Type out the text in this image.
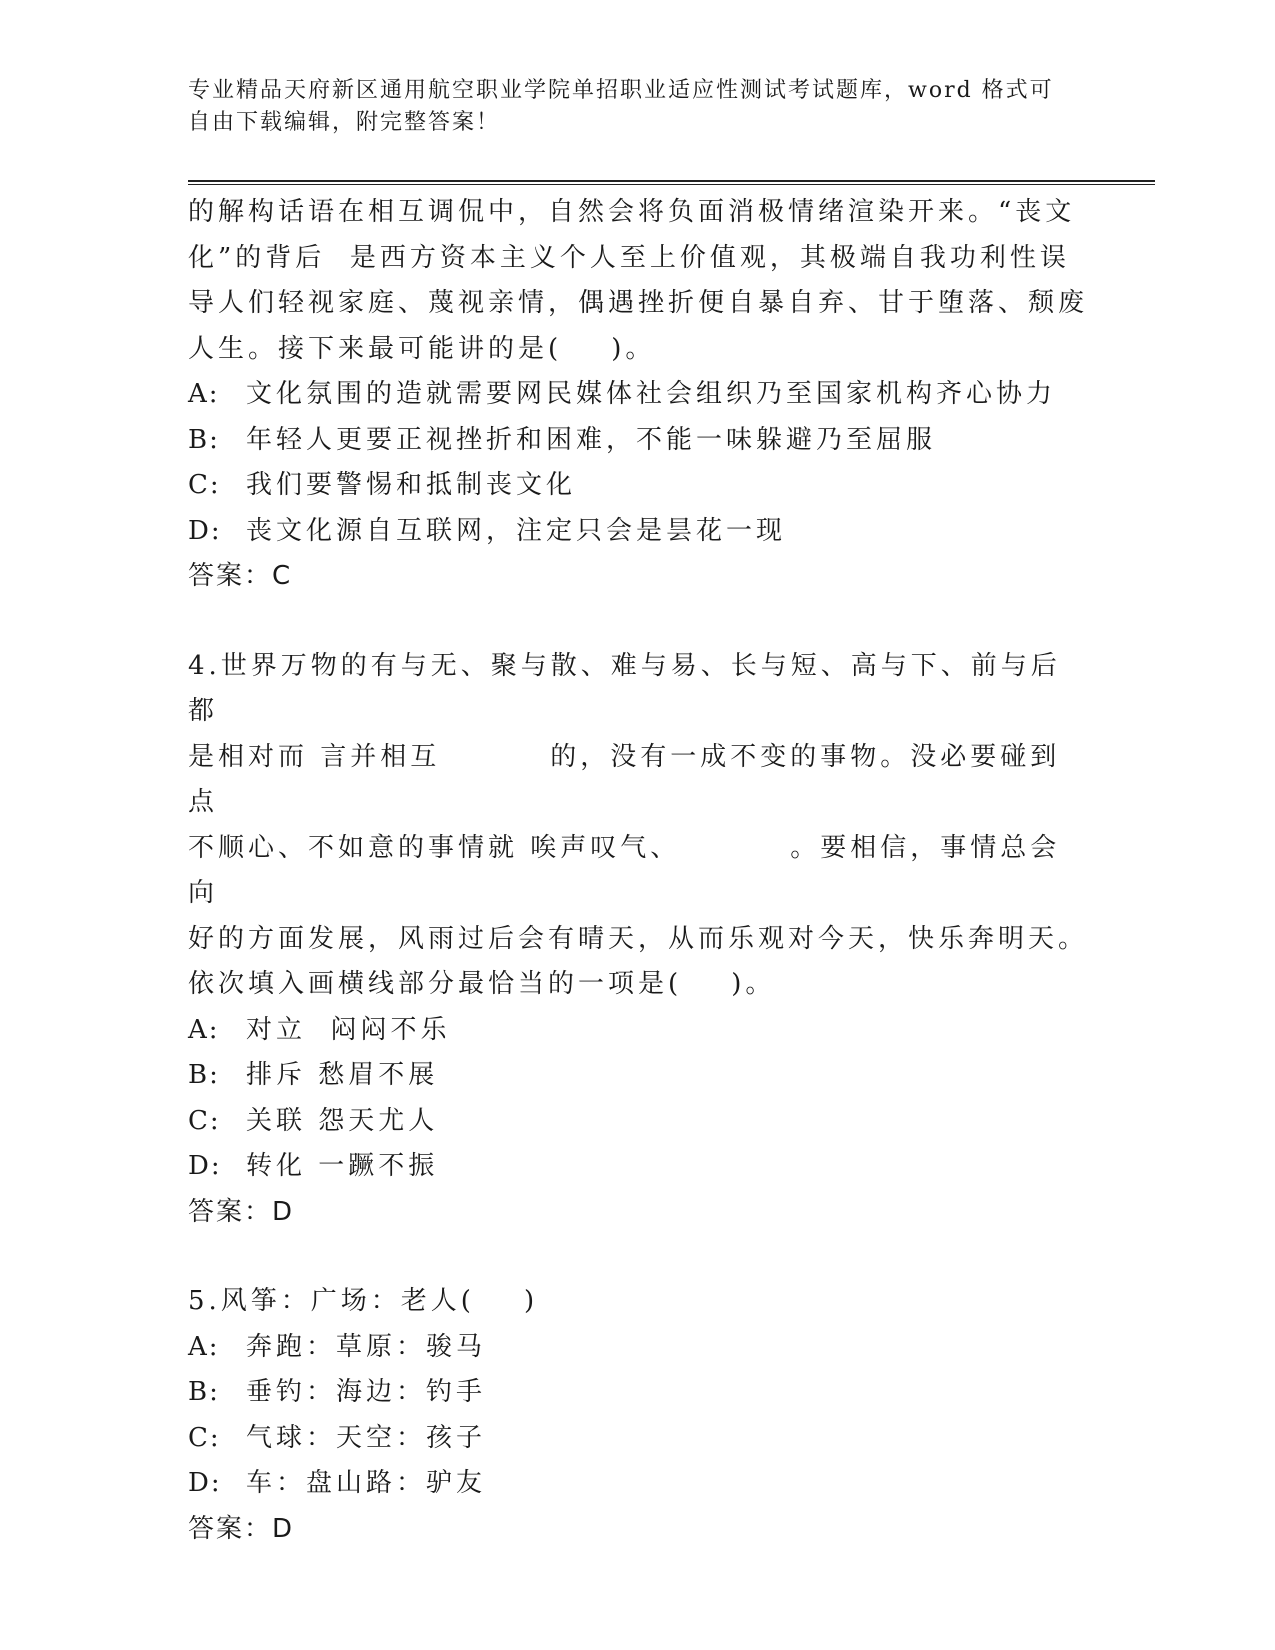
专业精品天府新区通用航空职业学院单招职业适应性测试考试题库，word 格式可
自由下载编辑，附完整答案！
的解构话语在相互调侃中，自然会将负面消极情绪渲染开来。“丧文
化”的背后  是西方资本主义个人至上价值观，其极端自我功利性误
导人们轻视家庭、蔑视亲情，偶遇挫折便自暴自弃、甘于堕落、颓废
人生。接下来最可能讲的是(    )。
A:	文化氛围的造就需要网民媒体社会组织乃至国家机构齐心协力
B:	年轻人更要正视挫折和困难，不能一味躲避乃至屈服
C: 我们要警惕和抵制丧文化
D: 丧文化源自互联网，注定只会是昙花一现
答案：C
4.世界万物的有与无、聚与散、难与易、长与短、高与下、前与后都
是相对而 言并相互	的，没有一成不变的事物。没必要碰到点
不顺心、不如意的事情就 唉声叹气、	。要相信，事情总会向
好的方面发展，风雨过后会有晴天，从而乐观对今天，快乐奔明天。
依次填入画横线部分最恰当的一项是(    )。
A:	对立  闷闷不乐
B:	排斥 愁眉不展
C: 关联 怨天尤人
D: 转化 一蹶不振
答案：D
5.风筝：广场：老人(    )
A:	奔跑：草原：骏马
B:	垂钓：海边：钓手
C: 气球：天空：孩子
D: 车：盘山路：驴友
答案：D
